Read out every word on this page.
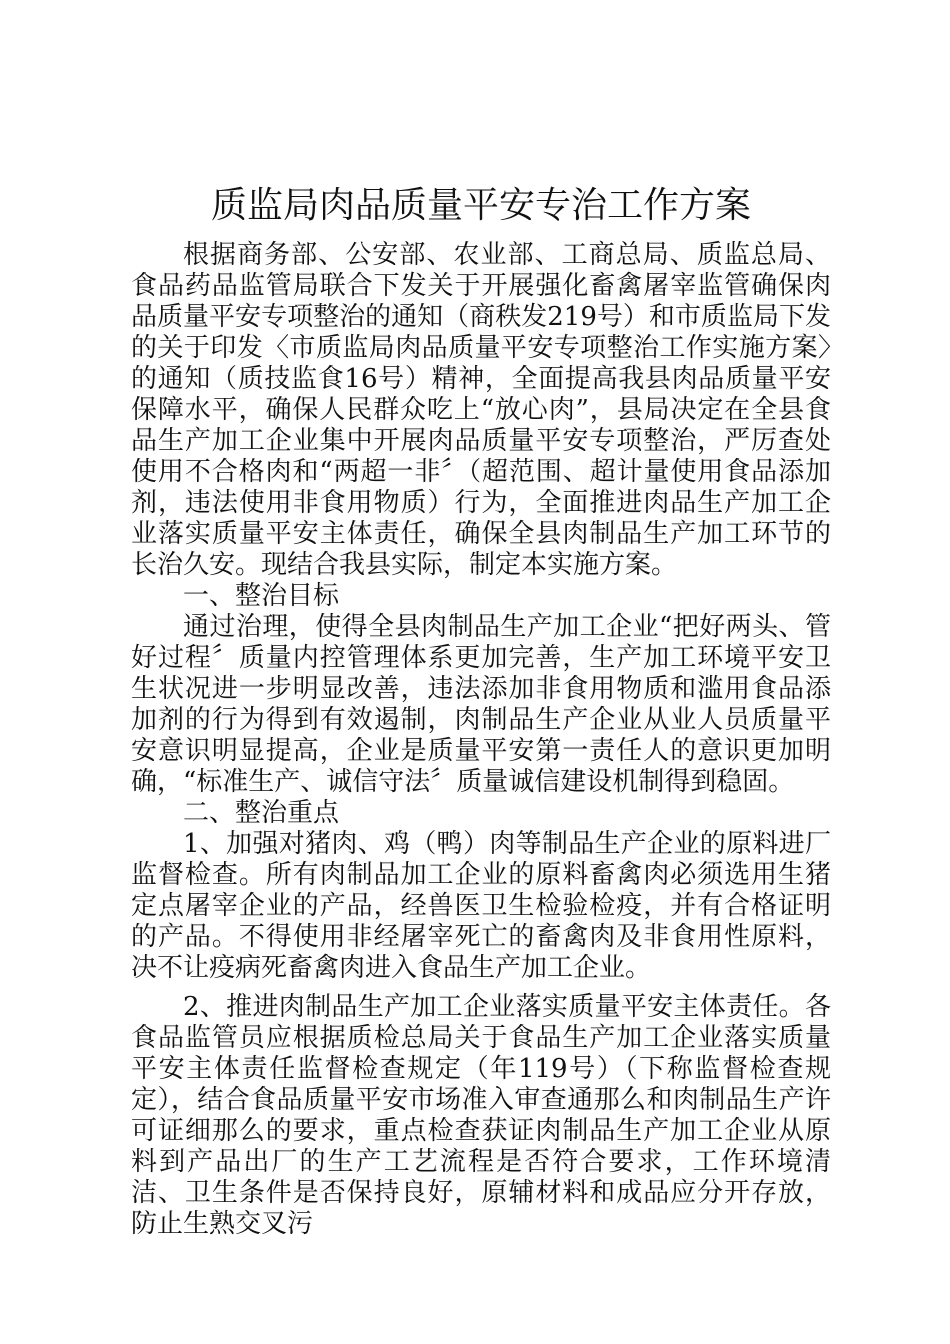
质监局肉品质量平安专治工作方案

根据商务部、公安部、农业部、工商总局、质监总局、食品药品监管局联合下发关于开展强化畜禽屠宰监管确保肉品质量平安专项整治的通知（商秩发219号）和市质监局下发的关于印发〈市质监局肉品质量平安专项整治工作实施方案〉的通知（质技监食16号）精神，全面提高我县肉品质量平安保障水平，确保人民群众吃上“放心肉”，县局决定在全县食品生产加工企业集中开展肉品质量平安专项整治，严厉查处使用不合格肉和“两超一非〞（超范围、超计量使用食品添加剂，违法使用非食用物质）行为，全面推进肉品生产加工企业落实质量平安主体责任，确保全县肉制品生产加工环节的长治久安。现结合我县实际，制定本实施方案。

一、整治目标

通过治理，使得全县肉制品生产加工企业“把好两头、管好过程〞质量内控管理体系更加完善，生产加工环境平安卫生状况进一步明显改善，违法添加非食用物质和滥用食品添加剂的行为得到有效遏制，肉制品生产企业从业人员质量平安意识明显提高，企业是质量平安第一责任人的意识更加明确，“标准生产、诚信守法〞质量诚信建设机制得到稳固。

二、整治重点

1、加强对猪肉、鸡（鸭）肉等制品生产企业的原料进厂监督检查。所有肉制品加工企业的原料畜禽肉必须选用生猪定点屠宰企业的产品，经兽医卫生检验检疫，并有合格证明的产品。不得使用非经屠宰死亡的畜禽肉及非食用性原料，决不让疫病死畜禽肉进入食品生产加工企业。

2、推进肉制品生产加工企业落实质量平安主体责任。各食品监管员应根据质检总局关于食品生产加工企业落实质量平安主体责任监督检查规定（年119号）（下称监督检查规定），结合食品质量平安市场准入审查通那么和肉制品生产许可证细那么的要求，重点检查获证肉制品生产加工企业从原料到产品出厂的生产工艺流程是否符合要求，工作环境清洁、卫生条件是否保持良好，原辅材料和成品应分开存放，防止生熟交叉污
